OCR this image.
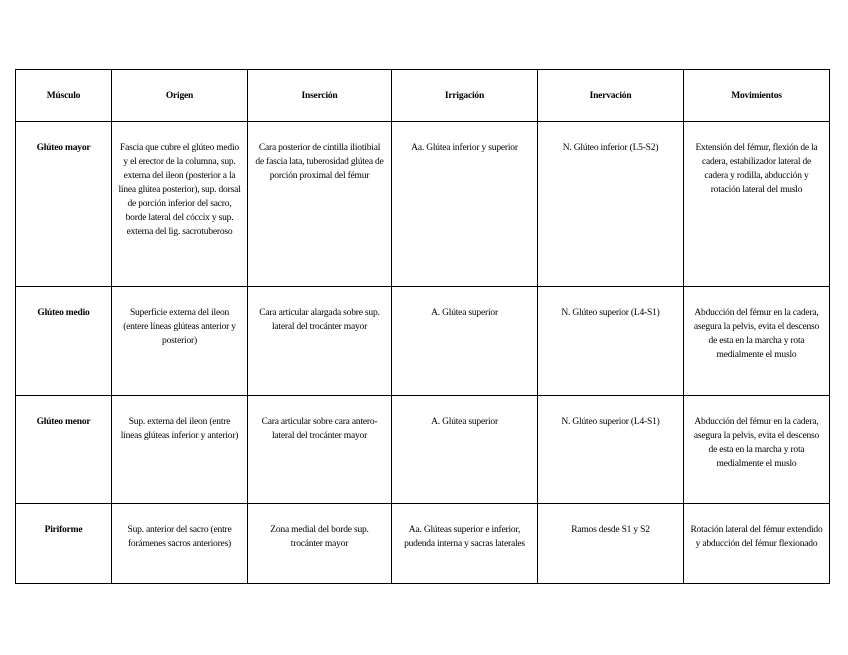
Músculo	Origen	Inserción	Irrigación	Inervación	Movimientos
Glúteo mayor	Fascia que cubre el glúteo medio y el erector de la columna, sup. externa del ileon (posterior a la línea glútea posterior), sup. dorsal de porción inferior del sacro, borde lateral del cóccix y sup. externa del lig. sacrotuberoso	Cara posterior de cintilla iliotibial de fascia lata, tuberosidad glútea de porción proximal del fémur	Aa. Glútea inferior y superior	N. Glúteo inferior (L5-S2)	Extensión del fémur, flexión de la cadera, estabilizador lateral de cadera y rodilla, abducción y rotación lateral del muslo
Glúteo medio	Superficie externa del ileon (entere líneas glúteas anterior y posterior)	Cara articular alargada sobre sup. lateral del trocánter mayor	A. Glútea superior	N. Glúteo superior (L4-S1)	Abducción del fémur en la cadera, asegura la pelvis, evita el descenso de esta en la marcha y rota medialmente el muslo
Glúteo menor	Sup. externa del ileon (entre líneas glúteas inferior y anterior)	Cara articular sobre cara antero-lateral del trocánter mayor	A. Glútea superior	N. Glúteo superior (L4-S1)	Abducción del fémur en la cadera, asegura la pelvis, evita el descenso de esta en la marcha y rota medialmente el muslo
Piriforme	Sup. anterior del sacro (entre forámenes sacros anteriores)	Zona medial del borde sup. trocánter mayor	Aa. Glúteas superior e inferior, pudenda interna y sacras laterales	Ramos desde S1 y S2	Rotación lateral del fémur extendido y abducción del fémur flexionado
